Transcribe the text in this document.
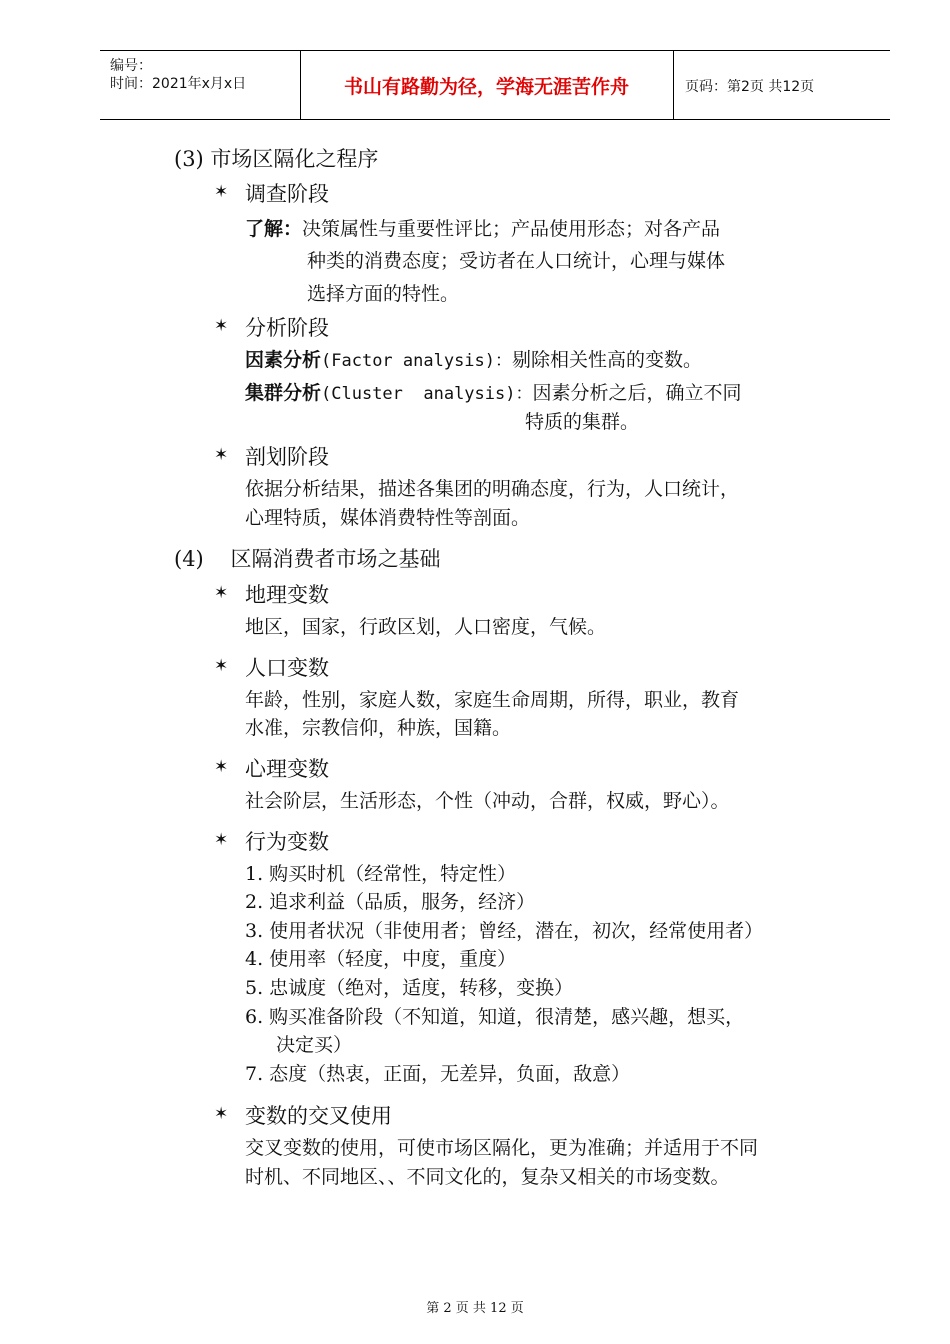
编号：
时间：2021年x月x日	书山有路勤为径，学海无涯苦作舟	页码：第2页 共12页
(3) 市场区隔化之程序
✶ 调查阶段
了解：决策属性与重要性评比；产品使用形态；对各产品
种类的消费态度；受访者在人口统计，心理与媒体
选择方面的特性。
✶ 分析阶段
因素分析(Factor analysis)：剔除相关性高的变数。
集群分析(Cluster  analysis)：因素分析之后，确立不同
特质的集群。
✶ 剖划阶段
依据分析结果，描述各集团的明确态度，行为，人口统计，
心理特质，媒体消费特性等剖面。
(4)    区隔消费者市场之基础
✶ 地理变数
地区，国家，行政区划，人口密度，气候。
✶ 人口变数
年龄，性别，家庭人数，家庭生命周期，所得，职业，教育
水准，宗教信仰，种族，国籍。
✶ 心理变数
社会阶层，生活形态，个性（冲动，合群，权威，野心）。
✶ 行为变数
1. 购买时机（经常性，特定性）
2. 追求利益（品质，服务，经济）
3. 使用者状况（非使用者；曾经，潜在，初次，经常使用者）
4. 使用率（轻度，中度，重度）
5. 忠诚度（绝对，适度，转移，变换）
6. 购买准备阶段（不知道，知道，很清楚，感兴趣，想买，
决定买）
7. 态度（热衷，正面，无差异，负面，敌意）
✶ 变数的交叉使用
交叉变数的使用，可使市场区隔化，更为准确；并适用于不同
时机、不同地区、、不同文化的，复杂又相关的市场变数。
第 2 页 共 12 页
